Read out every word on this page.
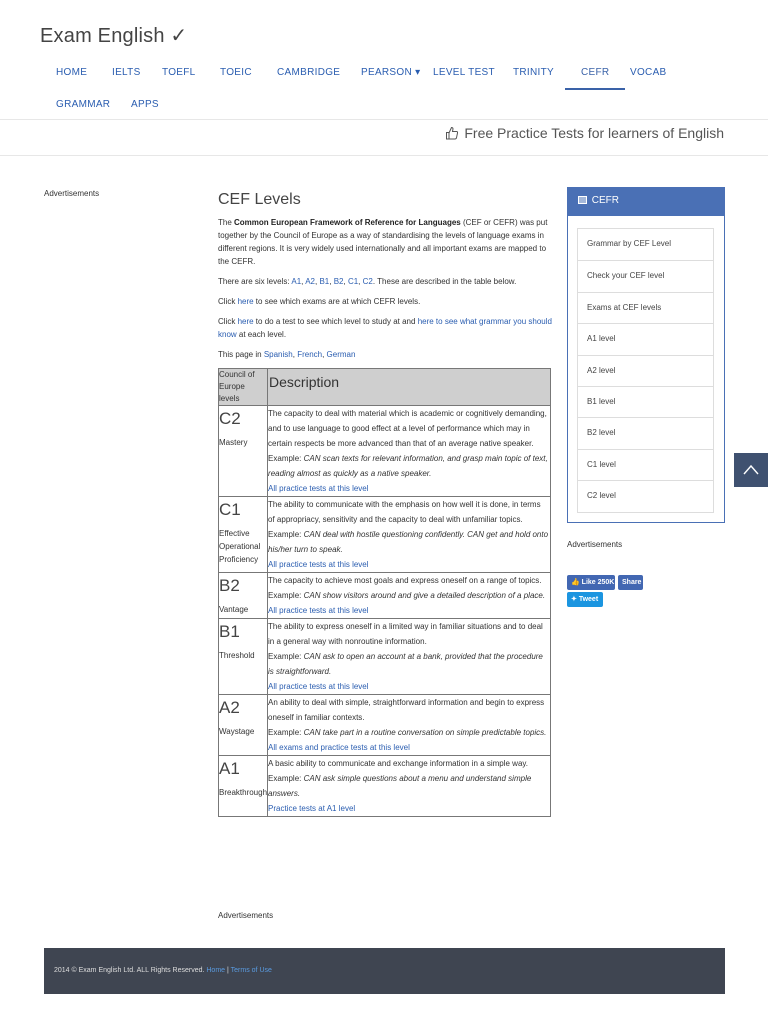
Exam English ✓
HOME	IELTS	TOEFL	TOEIC	CAMBRIDGE	PEARSON ▾	LEVEL TEST	TRINITY	CEFR	VOCAB
GRAMMAR	APPS
Free Practice Tests for learners of English
Advertisements	CEF Levels

The Common European Framework of Reference for Languages (CEF or CEFR) was put together by the Council of Europe as a way of standardising the levels of language exams in different regions. It is very widely used internationally and all important exams are mapped to the CEFR.

There are six levels: A1, A2, B1, B2, C1, C2. These are described in the table below.

Click here to see which exams are at which CEFR levels.

Click here to do a test to see which level to study at and here to see what grammar you should know at each level.

This page in Spanish, French, German

Council of Europe levels	Description

C2
Mastery	The capacity to deal with material which is academic or cognitively demanding, and to use language to good effect at a level of performance which may in certain respects be more advanced than that of an average native speaker.
Example: CAN scan texts for relevant information, and grasp main topic of text, reading almost as quickly as a native speaker.
All practice tests at this level

C1
Effective Operational Proficiency	The ability to communicate with the emphasis on how well it is done, in terms of appropriacy, sensitivity and the capacity to deal with unfamiliar topics.
Example: CAN deal with hostile questioning confidently. CAN get and hold onto his/her turn to speak.
All practice tests at this level

B2
Vantage	The capacity to achieve most goals and express oneself on a range of topics.
Example: CAN show visitors around and give a detailed description of a place.
All practice tests at this level

B1
Threshold	The ability to express oneself in a limited way in familiar situations and to deal in a general way with nonroutine information.
Example: CAN ask to open an account at a bank, provided that the procedure is straightforward.
All practice tests at this level

A2
Waystage	An ability to deal with simple, straightforward information and begin to express oneself in familiar contexts.
Example: CAN take part in a routine conversation on simple predictable topics.
All exams and practice tests at this level

A1
Breakthrough	A basic ability to communicate and exchange information in a simple way.
Example: CAN ask simple questions about a menu and understand simple answers.
Practice tests at A1 level
Advertisements
CEFR
Grammar by CEF Level
Check your CEF level
Exams at CEF levels
A1 level
A2 level
B1 level
B2 level
C1 level
C2 level
Advertisements
👍 Like 250K	Share
✦ Tweet
2014 © Exam English Ltd. ALL Rights Reserved. Home | Terms of Use
